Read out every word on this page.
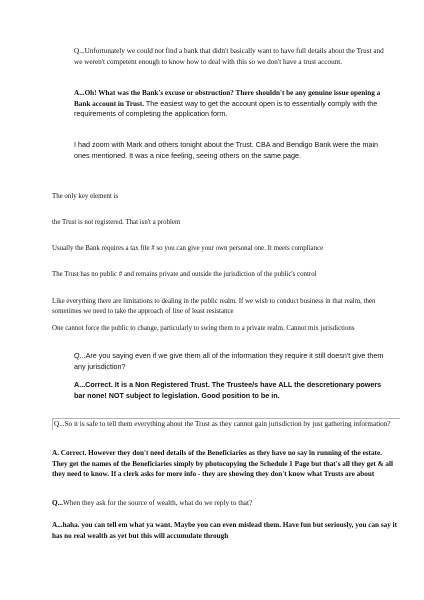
Q...Unfortunately we could not find a bank that didn't basically want to have full details about the Trust and we weren't competent enough to know how to deal with this so we don't have a trust account.

A...Oh! What was the Bank's excuse or obstruction? There shouldn't be any genuine issue opening a Bank account in Trust. The easiest way to get the account open is to essentially comply with the requirements of completing the application form.

I had zoom with Mark and others tonight about the Trust. CBA and Bendigo Bank were the main ones mentioned. It was a nice feeling, seeing others on the same page.

The only key element is

the Trust is not registered. That isn't a problem

Usually the Bank requires a tax file # so you can give your own personal one. It meets compliance

The Trust has no public # and remains private and outside the jurisdiction of the public's control

Like everything there are limitations to dealing in the public realm. If we wish to conduct business in that realm, then sometimes we need to take the approach of line of least resistance

One cannot force the public to change, particularly to swing them to a private realm. Cannot mix jurisdictions

Q...Are you saying even if we give them all of the information they require it still doesn't give them any jurisdiction?

A...Correct. It is a Non Registered Trust. The Trustee/s have ALL the descretionary powers bar none! NOT subject to legislation. Good position to be in.

Q...So it is safe to tell them everything about the Trust as they cannot gain jurisdiction by just gathering information?

A. Correct. However they don't need details of the Beneficiaries as they have no say in running of the estate. They get the names of the Beneficiaries simply by photocopying the Schedule 1 Page but that's all they get & all they need to know. If a clerk asks for more info - they are showing they don't know what Trusts are about

Q...When they ask for the source of wealth, what do we reply to that?

A...haha. you can tell em what ya want. Maybe you can even mislead them. Have fun but seriously, you can say it has no real wealth as yet but this will accumulate through
